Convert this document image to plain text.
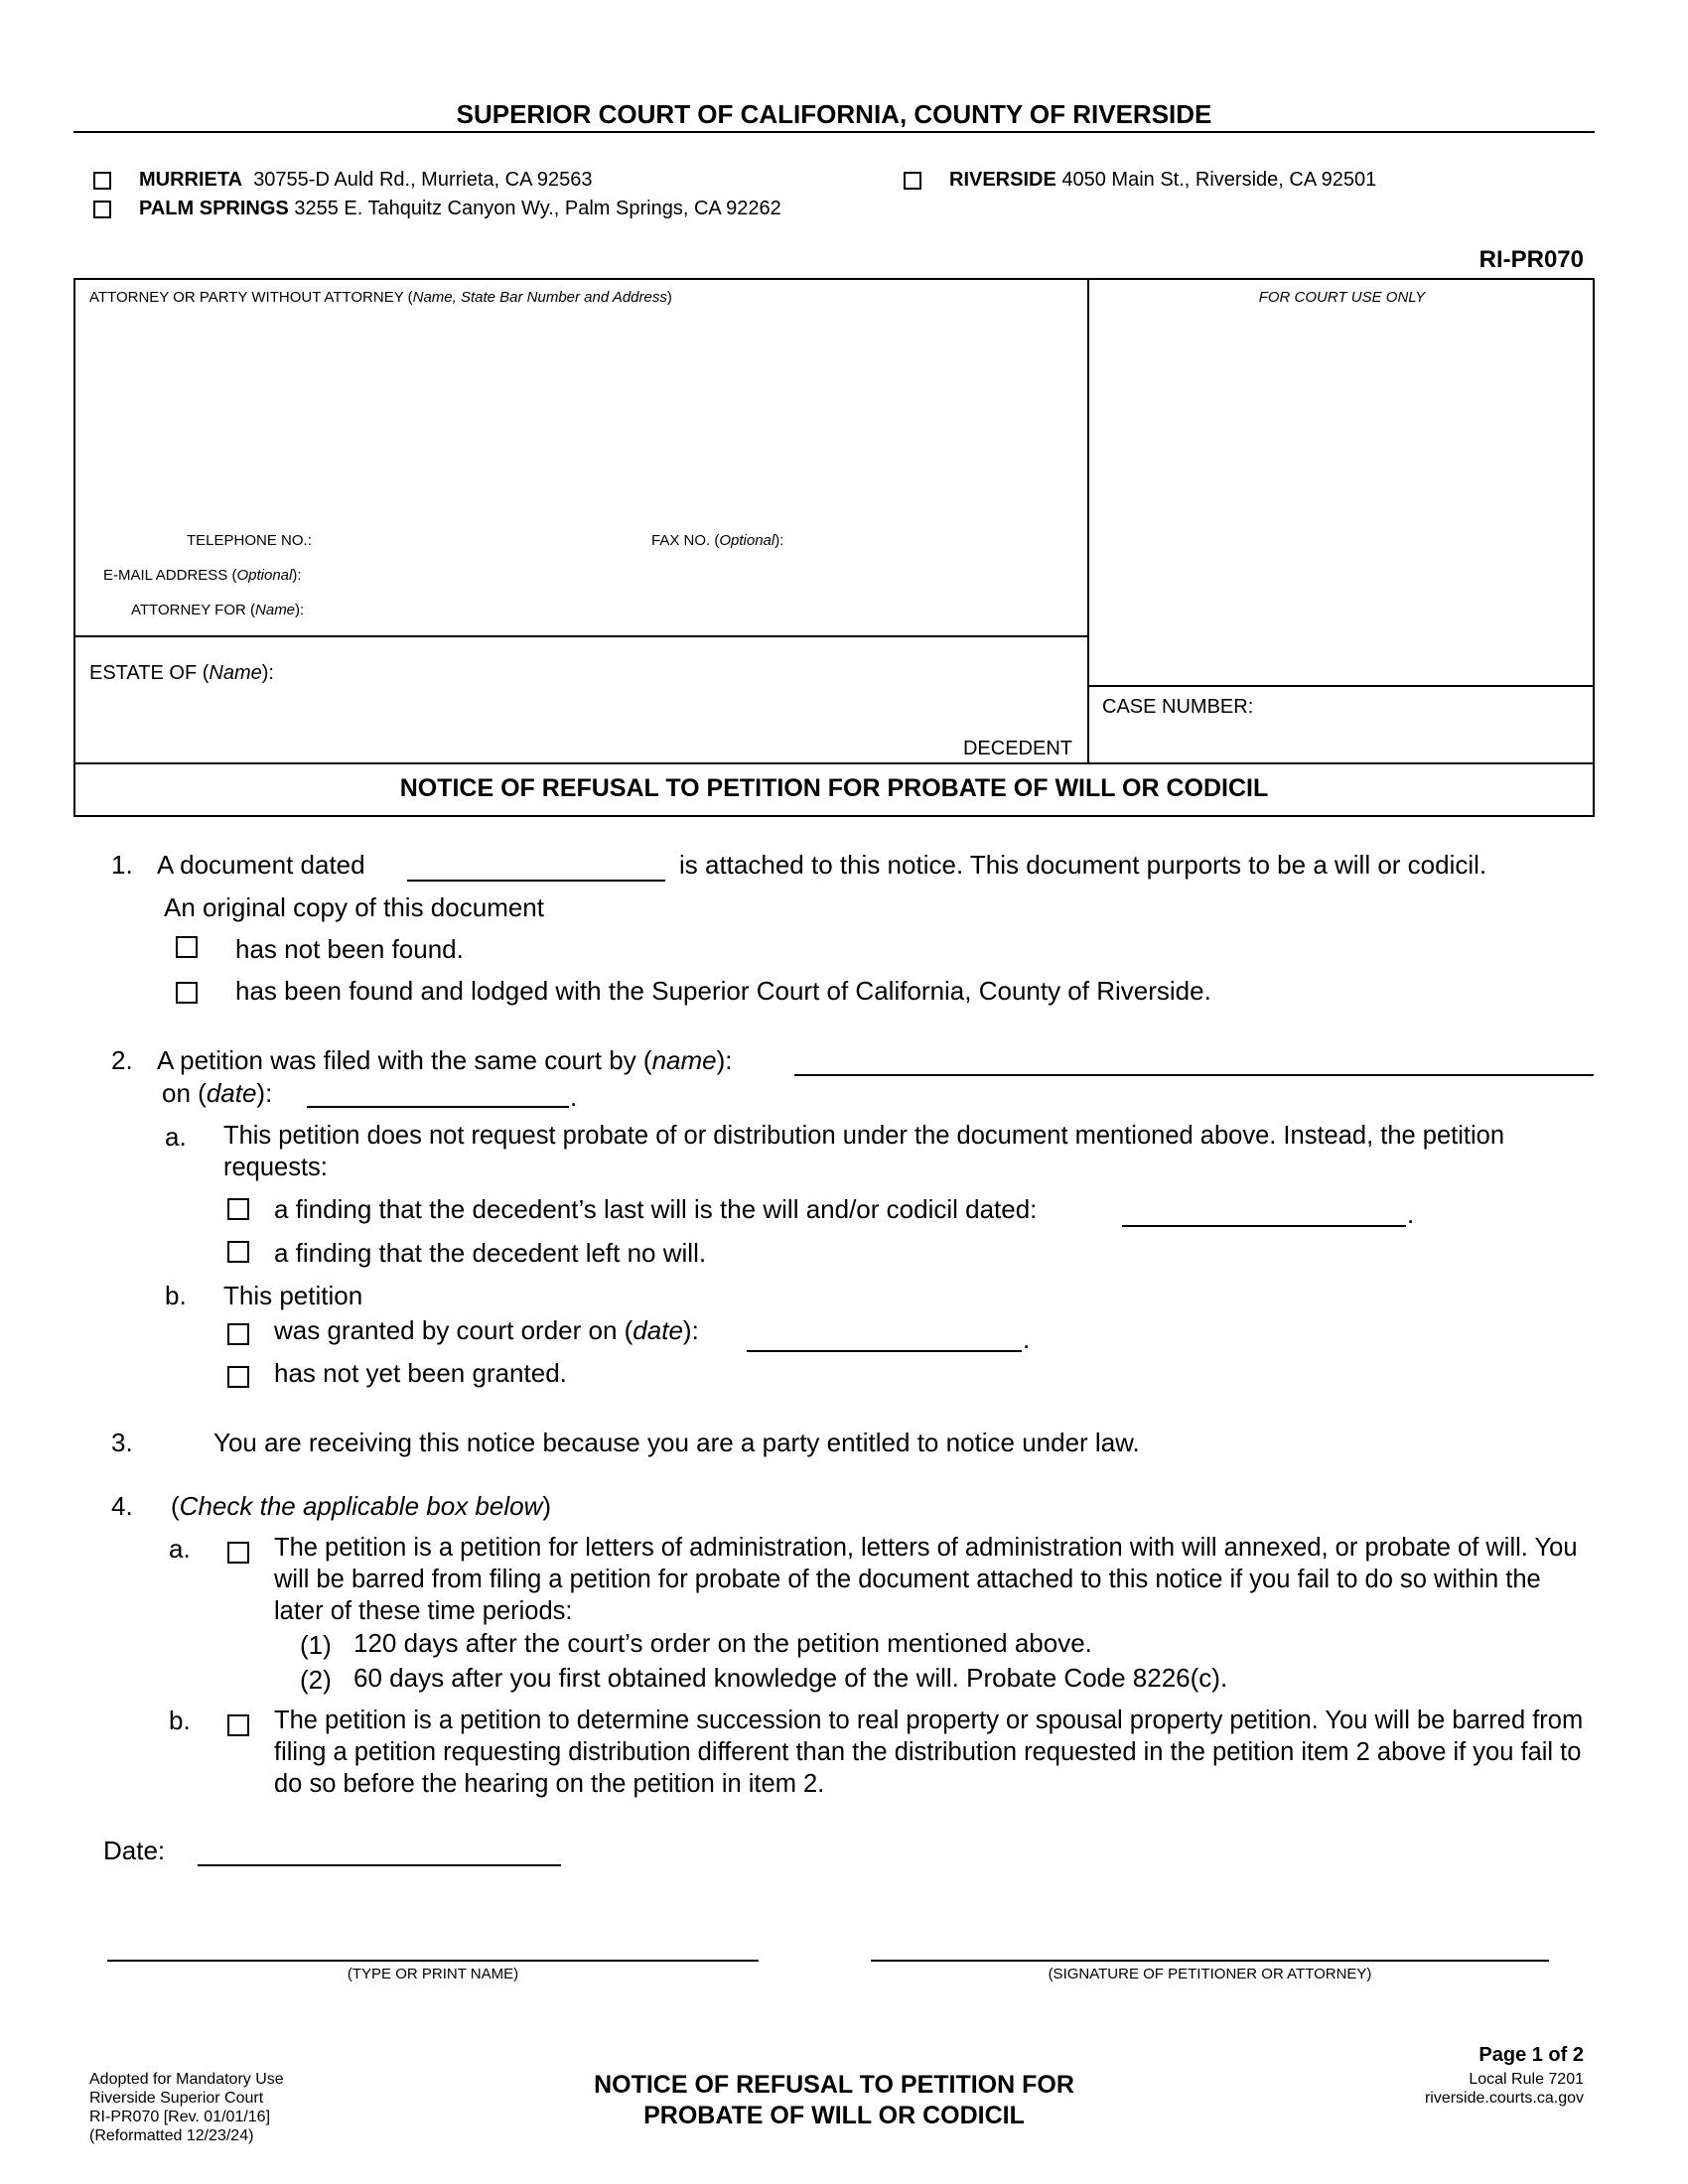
SUPERIOR COURT OF CALIFORNIA, COUNTY OF RIVERSIDE
MURRIETA 30755-D Auld Rd., Murrieta, CA 92563
PALM SPRINGS 3255 E. Tahquitz Canyon Wy., Palm Springs, CA 92262
RIVERSIDE 4050 Main St., Riverside, CA 92501
RI-PR070
ATTORNEY OR PARTY WITHOUT ATTORNEY (Name, State Bar Number and Address)	FOR COURT USE ONLY
TELEPHONE NO.:	FAX NO. (Optional):
E-MAIL ADDRESS (Optional):
ATTORNEY FOR (Name):
ESTATE OF (Name):
DECEDENT
CASE NUMBER:
NOTICE OF REFUSAL TO PETITION FOR PROBATE OF WILL OR CODICIL
1. A document dated	is attached to this notice. This document purports to be a will or codicil.
An original copy of this document
has not been found.
has been found and lodged with the Superior Court of California, County of Riverside.
2. A petition was filed with the same court by (name):
on (date):	.
a. This petition does not request probate of or distribution under the document mentioned above. Instead, the petition requests:
a finding that the decedent’s last will is the will and/or codicil dated:	.
a finding that the decedent left no will.
b. This petition
was granted by court order on (date):	.
has not yet been granted.
3.	You are receiving this notice because you are a party entitled to notice under law.
4. (Check the applicable box below)
a.	The petition is a petition for letters of administration, letters of administration with will annexed, or probate of will. You will be barred from filing a petition for probate of the document attached to this notice if you fail to do so within the later of these time periods:
(1) 120 days after the court’s order on the petition mentioned above.
(2) 60 days after you first obtained knowledge of the will. Probate Code 8226(c).
b.	The petition is a petition to determine succession to real property or spousal property petition. You will be barred from filing a petition requesting distribution different than the distribution requested in the petition item 2 above if you fail to do so before the hearing on the petition in item 2.
Date:
(TYPE OR PRINT NAME)	(SIGNATURE OF PETITIONER OR ATTORNEY)
Adopted for Mandatory Use
Riverside Superior Court
RI-PR070 [Rev. 01/01/16]
(Reformatted 12/23/24)
NOTICE OF REFUSAL TO PETITION FOR
PROBATE OF WILL OR CODICIL
Page 1 of 2
Local Rule 7201
riverside.courts.ca.gov
